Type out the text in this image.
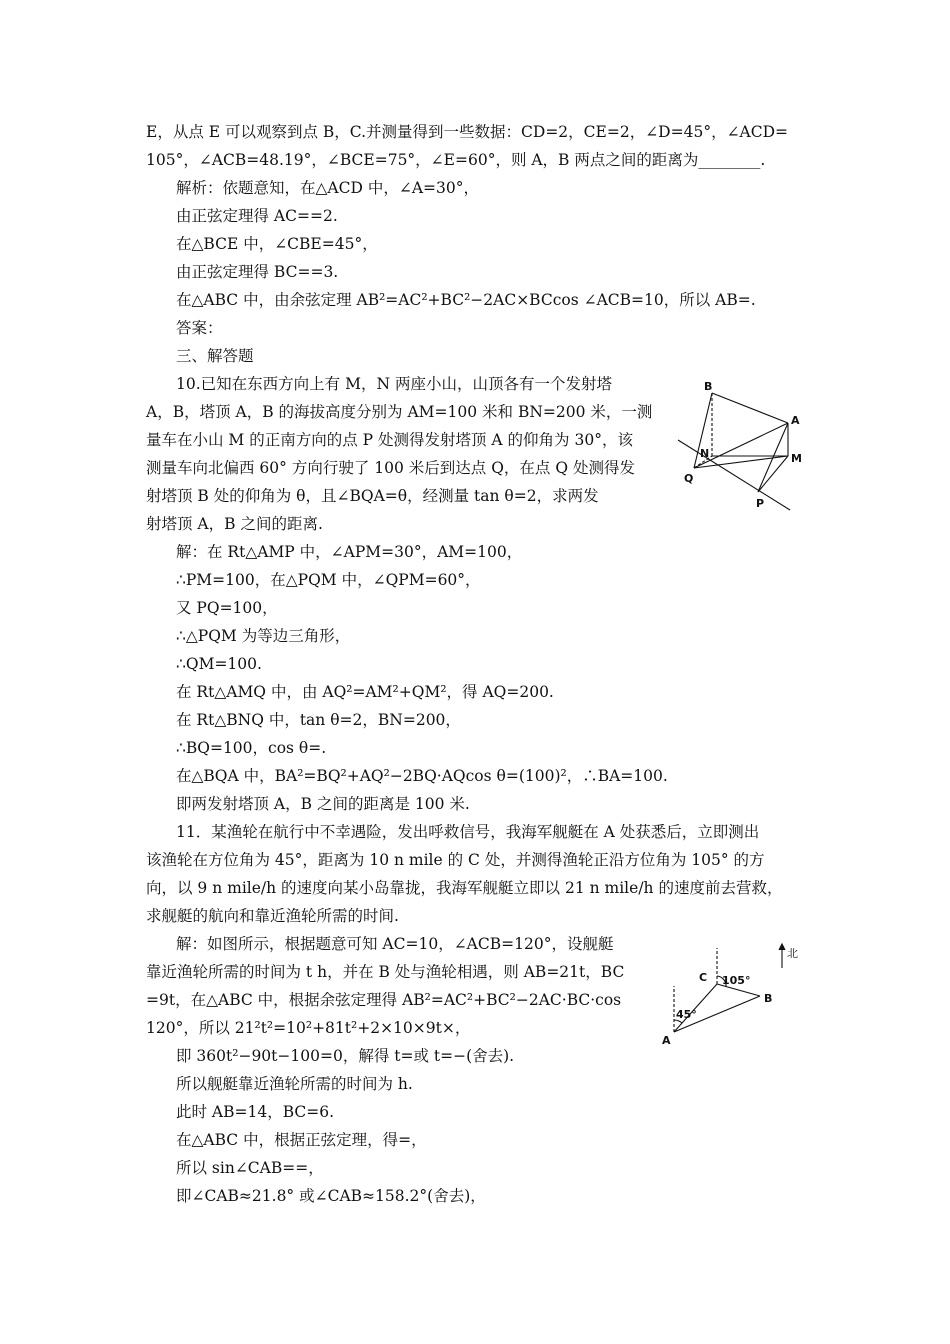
E，从点 E 可以观察到点 B，C.并测量得到一些数据：CD=2，CE=2，∠D=45°，∠ACD=
105°，∠ACB=48.19°，∠BCE=75°，∠E=60°，则 A，B 两点之间的距离为________.
解析：依题意知，在△ACD 中，∠A=30°，
由正弦定理得 AC==2.
在△BCE 中，∠CBE=45°，
由正弦定理得 BC==3.
在△ABC 中，由余弦定理 AB²=AC²+BC²−2AC×BCcos ∠ACB=10，所以 AB=.
答案：
三、解答题
10.已知在东西方向上有 M，N 两座小山，山顶各有一个发射塔
A，B，塔顶 A，B 的海拔高度分别为 AM=100 米和 BN=200 米，一测
量车在小山 M 的正南方向的点 P 处测得发射塔顶 A 的仰角为 30°，该
测量车向北偏西 60° 方向行驶了 100 米后到达点 Q，在点 Q 处测得发
射塔顶 B 处的仰角为 θ，且∠BQA=θ，经测量 tan θ=2，求两发
射塔顶 A，B 之间的距离.
解：在 Rt△AMP 中，∠APM=30°，AM=100，
∴PM=100，在△PQM 中，∠QPM=60°，
又 PQ=100，
∴△PQM 为等边三角形，
∴QM=100.
在 Rt△AMQ 中，由 AQ²=AM²+QM²，得 AQ=200.
在 Rt△BNQ 中，tan θ=2，BN=200，
∴BQ=100，cos θ=.
在△BQA 中，BA²=BQ²+AQ²−2BQ·AQcos θ=(100)²，∴BA=100.
即两发射塔顶 A，B 之间的距离是 100 米.
11．某渔轮在航行中不幸遇险，发出呼救信号，我海军舰艇在 A 处获悉后，立即测出
该渔轮在方位角为 45°，距离为 10 n mile 的 C 处，并测得渔轮正沿方位角为 105° 的方
向，以 9 n mile/h 的速度向某小岛靠拢，我海军舰艇立即以 21 n mile/h 的速度前去营救，
求舰艇的航向和靠近渔轮所需的时间.
解：如图所示，根据题意可知 AC=10，∠ACB=120°，设舰艇
靠近渔轮所需的时间为 t h，并在 B 处与渔轮相遇，则 AB=21t，BC
=9t，在△ABC 中，根据余弦定理得 AB²=AC²+BC²−2AC·BC·cos
120°，所以 21²t²=10²+81t²+2×10×9t×，
即 360t²−90t−100=0，解得 t=或 t=−(舍去).
所以舰艇靠近渔轮所需的时间为 h.
此时 AB=14，BC=6.
在△ABC 中，根据正弦定理，得=，
所以 sin∠CAB==，
即∠CAB≈21.8° 或∠CAB≈158.2°(舍去)，
B
A
N	M
Q
P
北
C
A
B
45°
105°
